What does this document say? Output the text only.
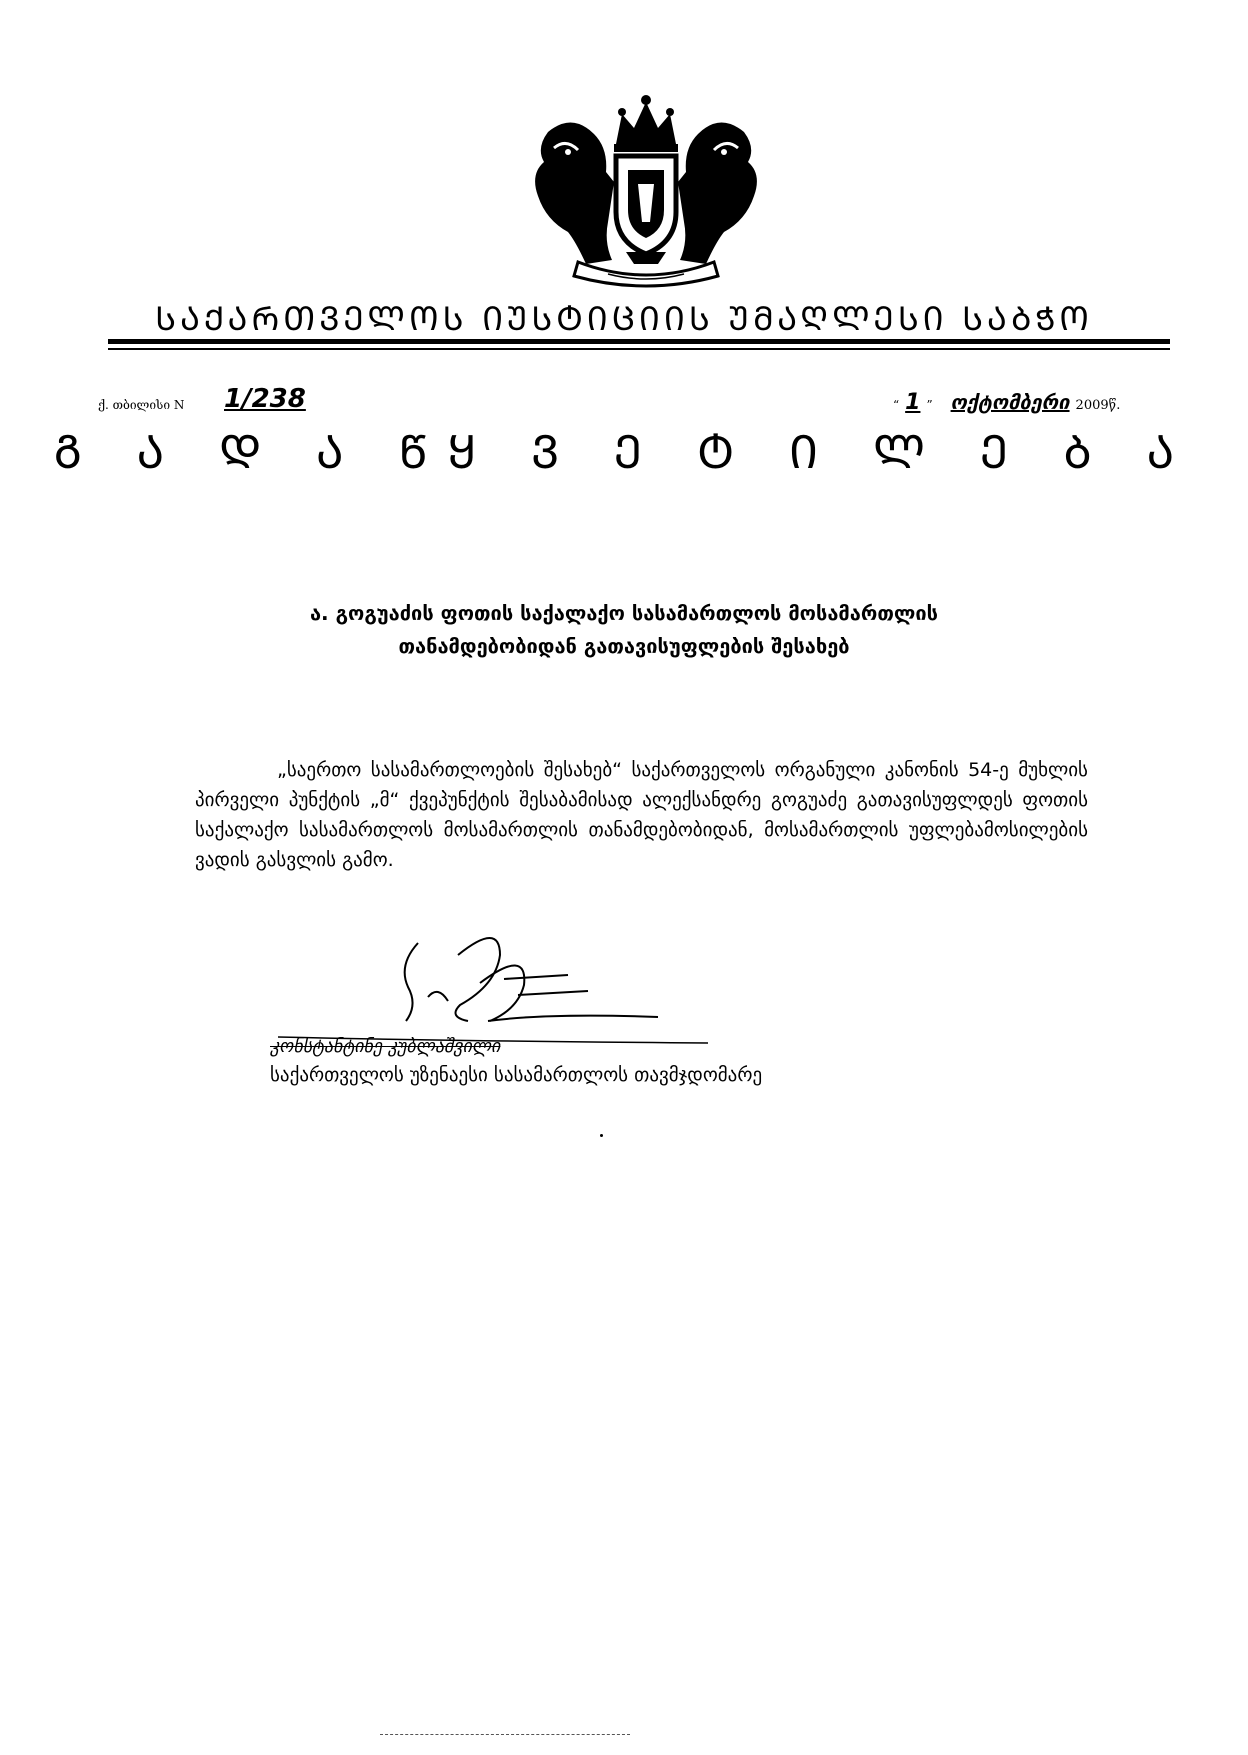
ᲡᲐᲥᲐᲠᲗᲕᲔᲚᲝᲡ ᲘᲣᲡᲢᲘᲪᲘᲘᲡ ᲣᲛᲐᲦᲚᲔᲡᲘ ᲡᲐᲑᲭᲝ
ქ. თბილისი N 1/238	“ 1 ” ოქტომბერი 2009წ.
Გ Ა Დ Ა ᲬᲧ Ვ Ე Ტ Ი Ლ Ე Ბ Ა
ა. გოგუაძის ფოთის საქალაქო სასამართლოს მოსამართლის
თანამდებობიდან გათავისუფლების შესახებ
„საერთო სასამართლოების შესახებ“ საქართველოს ორგანული კანონის 54-ე მუხლის პირველი პუნქტის „მ“ ქვეპუნქტის შესაბამისად ალექსანდრე გოგუაძე გათავისუფლდეს ფოთის საქალაქო სასამართლოს მოსამართლის თანამდებობიდან, მოსამართლის უფლებამოსილების ვადის გასვლის გამო.
კონსტანტინე კუბლაშვილი
საქართველოს უზენაესი სასამართლოს თავმჯდომარე
